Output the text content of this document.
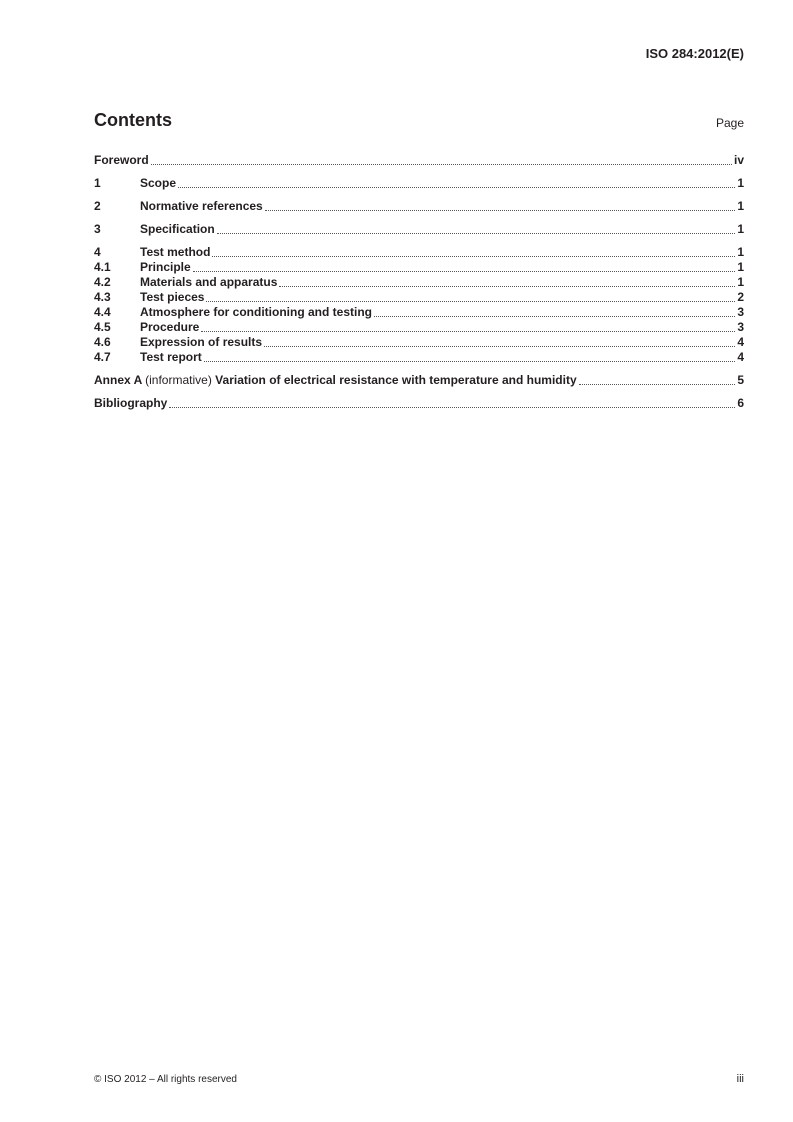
ISO 284:2012(E)
Contents	Page
Foreword	iv
1	Scope	1
2	Normative references	1
3	Specification	1
4	Test method	1
4.1	Principle	1
4.2	Materials and apparatus	1
4.3	Test pieces	2
4.4	Atmosphere for conditioning and testing	3
4.5	Procedure	3
4.6	Expression of results	4
4.7	Test report	4
Annex A (informative) Variation of electrical resistance with temperature and humidity	5
Bibliography	6
© ISO 2012 – All rights reserved	iii
